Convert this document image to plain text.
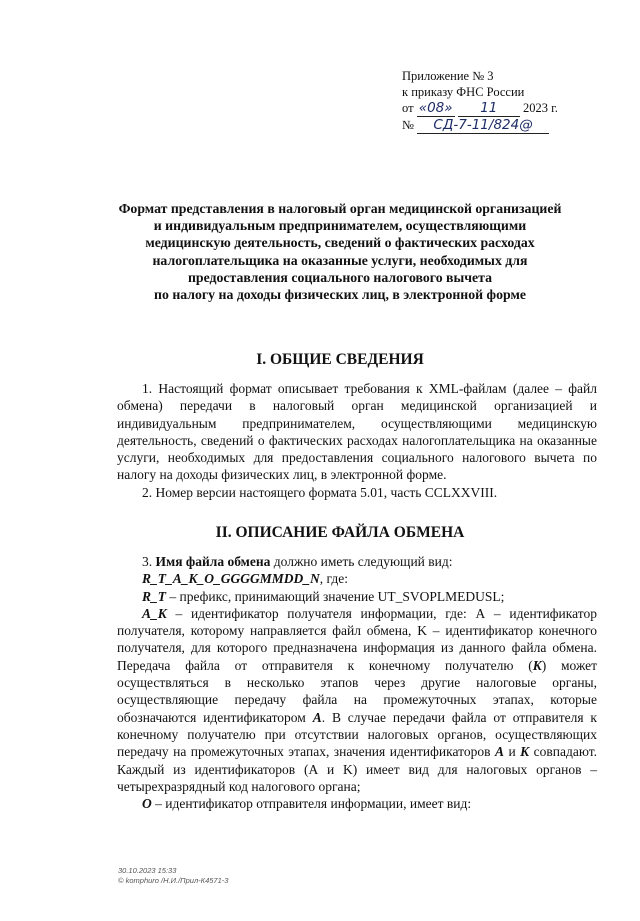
Приложение № 3
к приказу ФНС России
от «08» 11 2023 г.
№ СД-7-11/824@
Формат представления в налоговый орган медицинской организацией
и индивидуальным предпринимателем, осуществляющими
медицинскую деятельность, сведений о фактических расходах
налогоплательщика на оказанные услуги, необходимых для
предоставления социального налогового вычета
по налогу на доходы физических лиц, в электронной форме
I. ОБЩИЕ СВЕДЕНИЯ

1. Настоящий формат описывает требования к XML-файлам (далее – файл обмена) передачи в налоговый орган медицинской организацией и индивидуальным предпринимателем, осуществляющими медицинскую деятельность, сведений о фактических расходах налогоплательщика на оказанные услуги, необходимых для предоставления социального налогового вычета по налогу на доходы физических лиц, в электронной форме.

2. Номер версии настоящего формата 5.01, часть CCLXXVIII.

II. ОПИСАНИЕ ФАЙЛА ОБМЕНА

3. Имя файла обмена должно иметь следующий вид:

R_T_A_K_O_GGGGMMDD_N, где:

R_T – префикс, принимающий значение UT_SVOPLMEDUSL;

A_K – идентификатор получателя информации, где: А – идентификатор получателя, которому направляется файл обмена, K – идентификатор конечного получателя, для которого предназначена информация из данного файла обмена. Передача файла от отправителя к конечному получателю (K) может осуществляться в несколько этапов через другие налоговые органы, осуществляющие передачу файла на промежуточных этапах, которые обозначаются идентификатором A. В случае передачи файла от отправителя к конечному получателю при отсутствии налоговых органов, осуществляющих передачу на промежуточных этапах, значения идентификаторов A и K совпадают. Каждый из идентификаторов (А и K) имеет вид для налоговых органов – четырехразрядный код налогового органа;

O – идентификатор отправителя информации, имеет вид:

30.10.2023 15:33
© komphuro /Н.И./Прил-К4571-3
